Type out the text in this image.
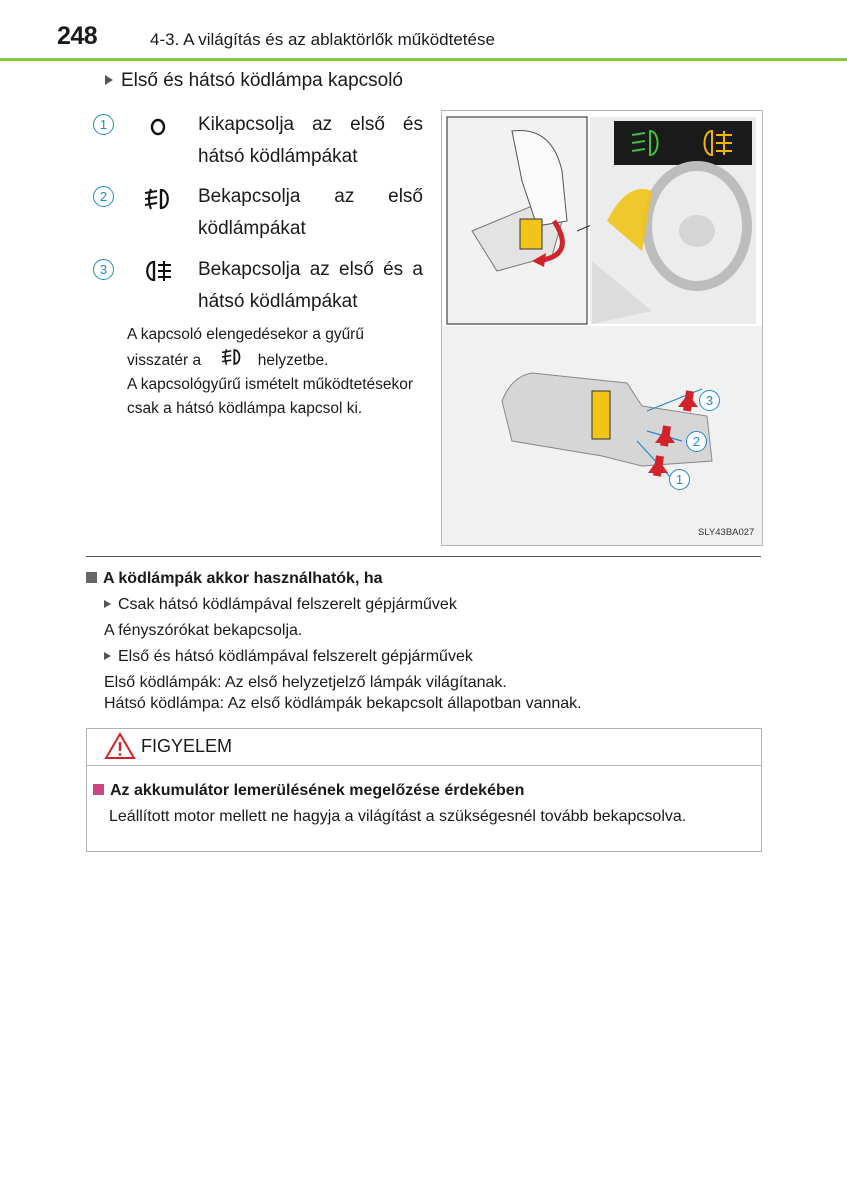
248	4-3. A világítás és az ablaktörlők működtetése
Első és hátsó ködlámpa kapcsoló
1	Kikapcsolja az első és hátsó ködlámpákat
2	Bekapcsolja az első ködlámpákat
3	Bekapcsolja az első és a hátsó ködlámpákat
A kapcsoló elengedésekor a gyűrű visszatér a	helyzetbe.
A kapcsológyűrű ismételt működtetésekor csak a hátsó ködlámpa kapcsol ki.	3
2
1
SLY43BA027
A ködlámpák akkor használhatók, ha
Csak hátsó ködlámpával felszerelt gépjárművek
A fényszórókat bekapcsolja.
Első és hátsó ködlámpával felszerelt gépjárművek
Első ködlámpák: Az első helyzetjelző lámpák világítanak.
Hátsó ködlámpa: Az első ködlámpák bekapcsolt állapotban vannak.
FIGYELEM
Az akkumulátor lemerülésének megelőzése érdekében
Leállított motor mellett ne hagyja a világítást a szükségesnél tovább bekapcsolva.
